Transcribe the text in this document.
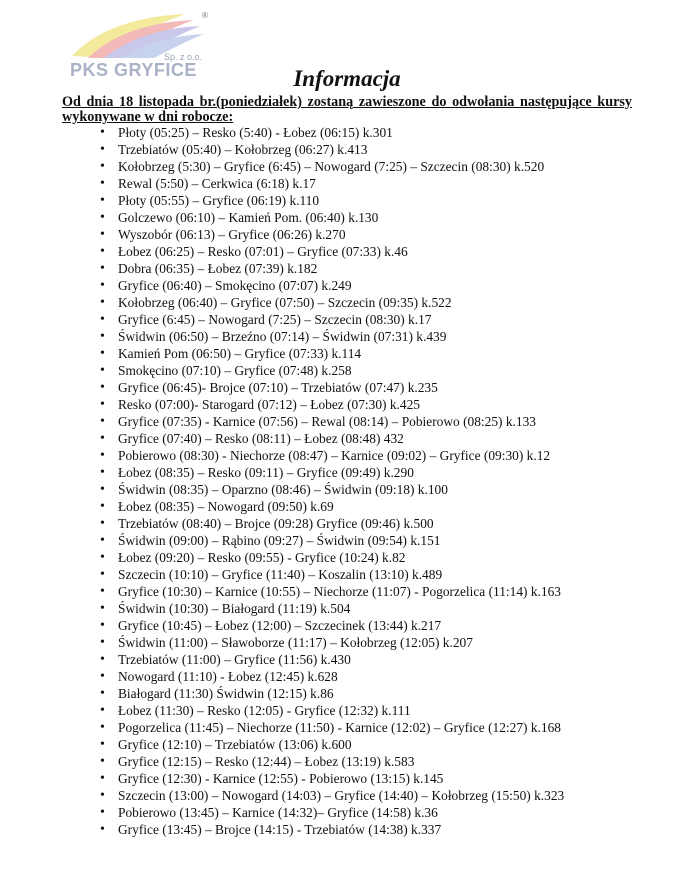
®
Sp. z o.o.
PKS GRYFICE	Informacja
Od dnia 18 listopada br.(poniedziałek) zostaną zawieszone do odwołania następujące kursy wykonywane w dni robocze:
• Płoty (05:25) – Resko (5:40) - Łobez (06:15) k.301
• Trzebiatów (05:40) – Kołobrzeg (06:27) k.413
• Kołobrzeg (5:30) – Gryfice (6:45) – Nowogard (7:25) – Szczecin (08:30) k.520
• Rewal (5:50) – Cerkwica (6:18) k.17
• Płoty (05:55) – Gryfice (06:19) k.110
• Golczewo (06:10) – Kamień Pom. (06:40) k.130
• Wyszobór (06:13) – Gryfice (06:26) k.270
• Łobez (06:25) – Resko (07:01) – Gryfice (07:33) k.46
• Dobra (06:35) – Łobez (07:39) k.182
• Gryfice (06:40) – Smokęcino (07:07) k.249
• Kołobrzeg (06:40) – Gryfice (07:50) – Szczecin (09:35) k.522
• Gryfice (6:45) – Nowogard (7:25) – Szczecin (08:30) k.17
• Świdwin (06:50) – Brzeźno (07:14) – Świdwin (07:31) k.439
• Kamień Pom (06:50) – Gryfice (07:33) k.114
• Smokęcino (07:10) – Gryfice (07:48) k.258
• Gryfice (06:45)- Brojce (07:10) – Trzebiatów (07:47) k.235
• Resko (07:00)- Starogard (07:12) – Łobez (07:30) k.425
• Gryfice (07:35) - Karnice (07:56) – Rewal (08:14) – Pobierowo (08:25) k.133
• Gryfice (07:40) – Resko (08:11) – Łobez (08:48) 432
• Pobierowo (08:30) - Niechorze (08:47) – Karnice (09:02) – Gryfice (09:30) k.12
• Łobez (08:35) – Resko (09:11) – Gryfice (09:49) k.290
• Świdwin (08:35) – Oparzno (08:46) – Świdwin (09:18) k.100
• Łobez (08:35) – Nowogard (09:50) k.69
• Trzebiatów (08:40) – Brojce (09:28) Gryfice (09:46) k.500
• Świdwin (09:00) – Rąbino (09:27) – Świdwin (09:54) k.151
• Łobez (09:20) – Resko (09:55) - Gryfice (10:24) k.82
• Szczecin (10:10) – Gryfice (11:40) – Koszalin (13:10) k.489
• Gryfice (10:30) – Karnice (10:55) – Niechorze (11:07) - Pogorzelica (11:14) k.163
• Świdwin (10:30) – Białogard (11:19) k.504
• Gryfice (10:45) – Łobez (12:00) – Szczecinek (13:44) k.217
• Świdwin (11:00) – Sławoborze (11:17) – Kołobrzeg (12:05) k.207
• Trzebiatów (11:00) – Gryfice (11:56) k.430
• Nowogard (11:10) - Łobez (12:45) k.628
• Białogard (11:30) Świdwin (12:15) k.86
• Łobez (11:30) – Resko (12:05) - Gryfice (12:32) k.111
• Pogorzelica (11:45) – Niechorze (11:50) - Karnice (12:02) – Gryfice (12:27) k.168
• Gryfice (12:10) – Trzebiatów (13:06) k.600
• Gryfice (12:15) – Resko (12:44) – Łobez (13:19) k.583
• Gryfice (12:30) - Karnice (12:55) - Pobierowo (13:15) k.145
• Szczecin (13:00) – Nowogard (14:03) – Gryfice (14:40) – Kołobrzeg (15:50) k.323
• Pobierowo (13:45) – Karnice (14:32)– Gryfice (14:58) k.36
• Gryfice (13:45) – Brojce (14:15) - Trzebiatów (14:38) k.337
